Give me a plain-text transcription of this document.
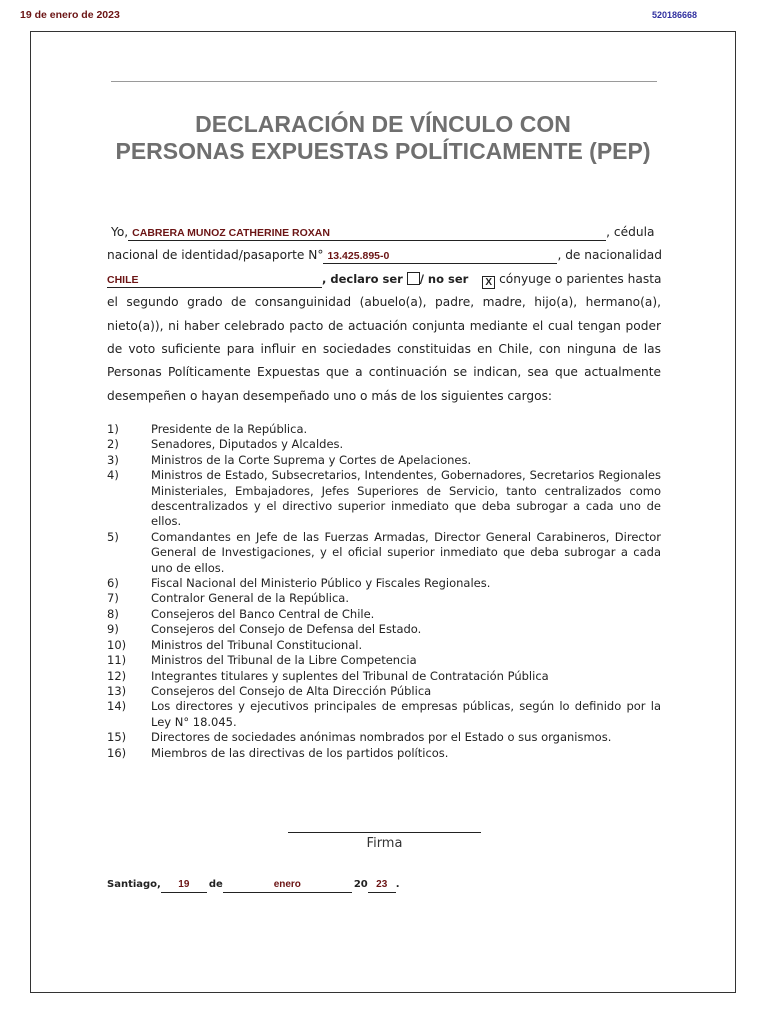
19 de enero de 2023	520186668
DECLARACIÓN DE VÍNCULO CON
PERSONAS EXPUESTAS POLÍTICAMENTE (PEP)
Yo, CABRERA MUNOZ CATHERINE ROXAN	, cédula
nacional de identidad/pasaporte N° 13.425.895-0	, de nacionalidad
CHILE	, declaro ser / no ser X cónyuge o parientes hasta
el segundo grado de consanguinidad (abuelo(a), padre, madre, hijo(a), hermano(a),
nieto(a)), ni haber celebrado pacto de actuación conjunta mediante el cual tengan poder
de voto suficiente para influir en sociedades constituidas en Chile, con ninguna de las
Personas Políticamente Expuestas que a continuación se indican, sea que actualmente
desempeñen o hayan desempeñado uno o más de los siguientes cargos:
1)	Presidente de la República.
2)	Senadores, Diputados y Alcaldes.
3)	Ministros de la Corte Suprema y Cortes de Apelaciones.
4)	Ministros de Estado, Subsecretarios, Intendentes, Gobernadores, Secretarios Regionales Ministeriales, Embajadores, Jefes Superiores de Servicio, tanto centralizados como descentralizados y el directivo superior inmediato que deba subrogar a cada uno de ellos.
5)	Comandantes en Jefe de las Fuerzas Armadas, Director General Carabineros, Director General de Investigaciones, y el oficial superior inmediato que deba subrogar a cada uno de ellos.
6)	Fiscal Nacional del Ministerio Público y Fiscales Regionales.
7)	Contralor General de la República.
8)	Consejeros del Banco Central de Chile.
9)	Consejeros del Consejo de Defensa del Estado.
10)	Ministros del Tribunal Constitucional.
11)	Ministros del Tribunal de la Libre Competencia
12)	Integrantes titulares y suplentes del Tribunal de Contratación Pública
13)	Consejeros del Consejo de Alta Dirección Pública
14)	Los directores y ejecutivos principales de empresas públicas, según lo definido por la Ley N° 18.045.
15)	Directores de sociedades anónimas nombrados por el Estado o sus organismos.
16)	Miembros de las directivas de los partidos políticos.
Firma
Santiago, 19 de	enero	20 23 .
